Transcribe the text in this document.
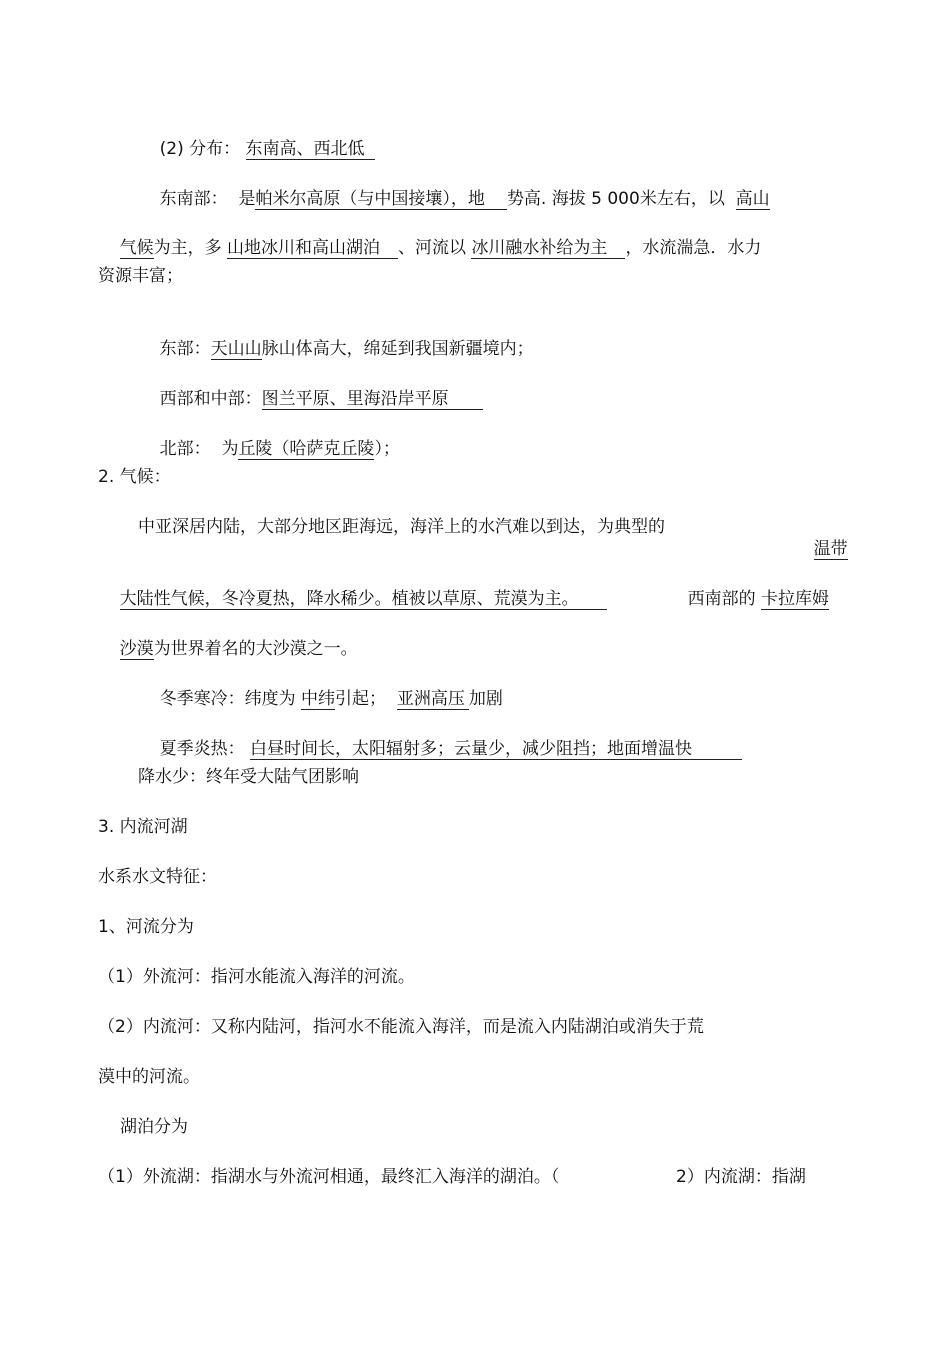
(2) 分布： 东南高、西北低

东南部： 是帕米尔高原（与中国接壤），地 势高. 海拔 5 000米左右，以 高山

气候为主，多 山地冰川和高山湖泊 、河流以 冰川融水补给为主 ，水流湍急．水力

资源丰富；

东部：天山山脉山体高大，绵延到我国新疆境内；

西部和中部：图兰平原、里海沿岸平原

北部： 为丘陵（哈萨克丘陵）；

2. 气候：
中亚深居内陆，大部分地区距海远，海洋上的水汽难以到达，为典型的

温带

大陆性气候，冬冷夏热，降水稀少。植被以草原、荒漠为主。
	西南部的 卡拉库姆

沙漠为世界着名的大沙漠之一。

冬季寒冷：纬度为 中纬引起； 亚洲高压 加剧

夏季炎热： 白昼时间长，太阳辐射多；云量少，减少阻挡；地面增温快

降水少：终年受大陆气团影响
3. 内流河湖
水系水文特征：
1、河流分为
（1）外流河：指河水能流入海洋的河流。
（2）内流河：又称内陆河，指河水不能流入海洋，而是流入内陆湖泊或消失于荒
漠中的河流。
湖泊分为
（1）外流湖：指湖水与外流河相通，最终汇入海洋的湖泊。（	2）内流湖：指湖
